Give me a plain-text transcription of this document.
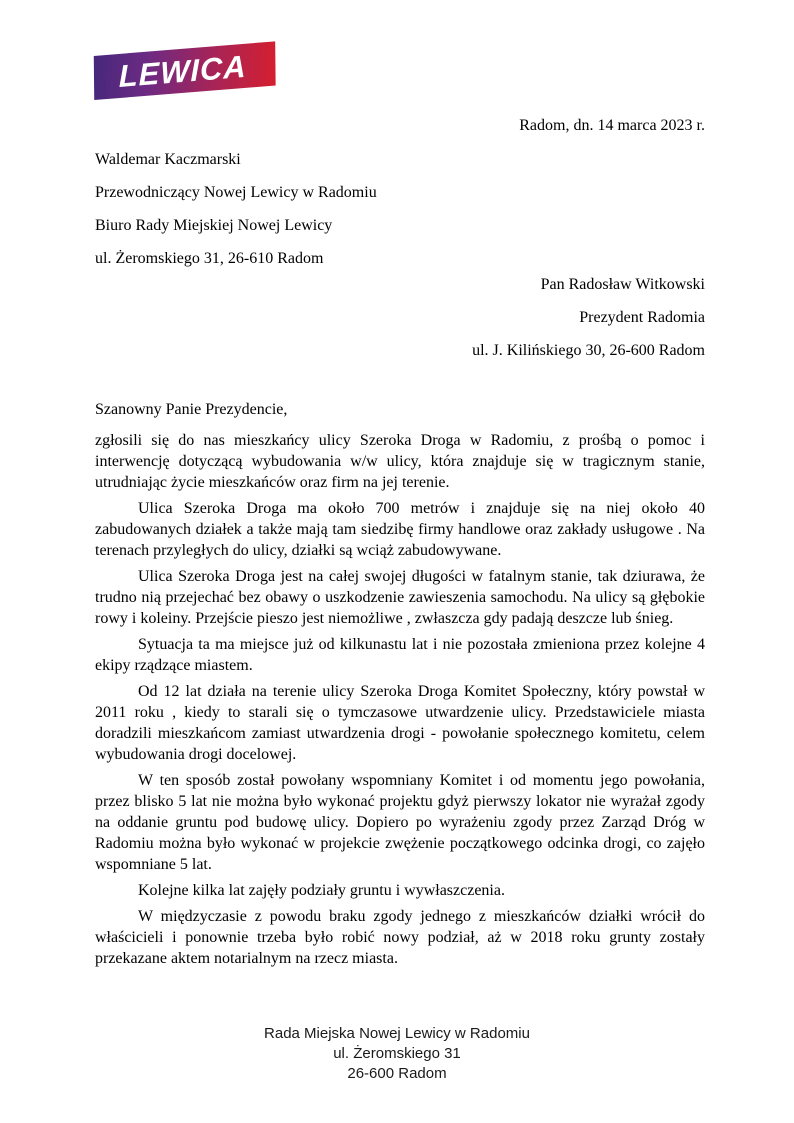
LEWICA
Radom, dn. 14 marca 2023 r.
Waldemar Kaczmarski
Przewodniczący Nowej Lewicy w Radomiu
Biuro Rady Miejskiej Nowej Lewicy
ul. Żeromskiego 31, 26-610 Radom
Pan Radosław Witkowski
Prezydent Radomia
ul. J. Kilińskiego 30, 26-600 Radom
Szanowny Panie Prezydencie,

zgłosili się do nas mieszkańcy ulicy Szeroka Droga w Radomiu, z prośbą o pomoc i interwencję dotyczącą wybudowania w/w ulicy, która znajduje się w tragicznym stanie, utrudniając życie mieszkańców oraz firm na jej terenie.

Ulica Szeroka Droga ma około 700 metrów i znajduje się na niej około 40 zabudowanych działek a także mają tam siedzibę firmy handlowe oraz zakłady usługowe . Na terenach przyległych do ulicy, działki są wciąż zabudowywane.

Ulica Szeroka Droga jest na całej swojej długości w fatalnym stanie, tak dziurawa, że trudno nią przejechać bez obawy o uszkodzenie zawieszenia samochodu. Na ulicy są głębokie rowy i koleiny. Przejście pieszo jest niemożliwe , zwłaszcza gdy padają deszcze lub śnieg.

Sytuacja ta ma miejsce już od kilkunastu lat i nie pozostała zmieniona przez kolejne 4 ekipy rządzące miastem.

Od 12 lat działa na terenie ulicy Szeroka Droga Komitet Społeczny, który powstał w 2011 roku , kiedy to starali się o tymczasowe utwardzenie ulicy. Przedstawiciele miasta doradzili mieszkańcom zamiast utwardzenia drogi - powołanie społecznego komitetu, celem wybudowania drogi docelowej.

W ten sposób został powołany wspomniany Komitet i od momentu jego powołania, przez blisko 5 lat nie można było wykonać projektu gdyż pierwszy lokator nie wyrażał zgody na oddanie gruntu pod budowę ulicy. Dopiero po wyrażeniu zgody przez Zarząd Dróg w Radomiu można było wykonać w projekcie zwężenie początkowego odcinka drogi, co zajęło wspomniane 5 lat.

Kolejne kilka lat zajęły podziały gruntu i wywłaszczenia.

W międzyczasie z powodu braku zgody jednego z mieszkańców działki wrócił do właścicieli i ponownie trzeba było robić nowy podział, aż w 2018 roku grunty zostały przekazane aktem notarialnym na rzecz miasta.

Rada Miejska Nowej Lewicy w Radomiu
ul. Żeromskiego 31
26-600 Radom
